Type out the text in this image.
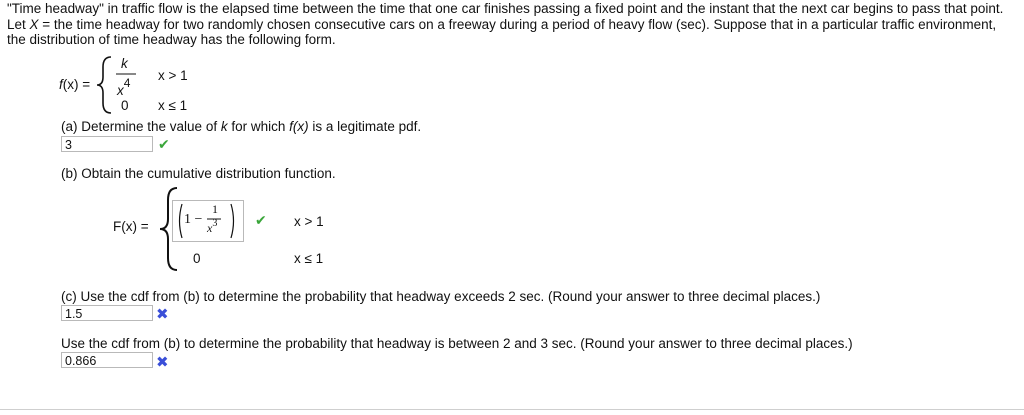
"Time headway" in traffic flow is the elapsed time between the time that one car finishes passing a fixed point and the instant that the next car begins to pass that point. Let X = the time headway for two randomly chosen consecutive cars on a freeway during a period of heavy flow (sec). Suppose that in a particular traffic environment, the distribution of time headway has the following form.
f(x) =
k
x4 x > 1
0 x ≤ 1
(a) Determine the value of k for which f(x) is a legitimate pdf.
3	✔
(b) Obtain the cumulative distribution function.
F(x) =	1 −
1
$x^3$	✔ x > 1
0	x ≤ 1
(c) Use the cdf from (b) to determine the probability that headway exceeds 2 sec. (Round your answer to three decimal places.)
1.5	✖
Use the cdf from (b) to determine the probability that headway is between 2 and 3 sec. (Round your answer to three decimal places.)
0.866	✖
